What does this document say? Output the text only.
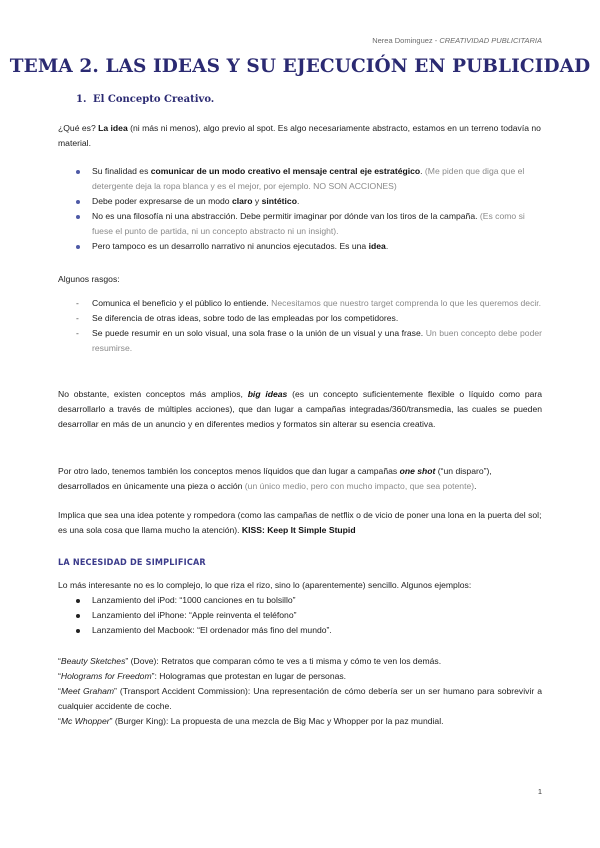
Nerea Dominguez - CREATIVIDAD PUBLICITARIA
TEMA 2. LAS IDEAS Y SU EJECUCIÓN EN PUBLICIDAD
1. El Concepto Creativo.

¿Qué es? La idea (ni más ni menos), algo previo al spot. Es algo necesariamente abstracto, estamos en un terreno todavía no material.

Su finalidad es comunicar de un modo creativo el mensaje central eje estratégico. (Me piden que diga que el detergente deja la ropa blanca y es el mejor, por ejemplo. NO SON ACCIONES)
Debe poder expresarse de un modo claro y sintético.
No es una filosofía ni una abstracción. Debe permitir imaginar por dónde van los tiros de la campaña. (Es como si fuese el punto de partida, ni un concepto abstracto ni un insight).
Pero tampoco es un desarrollo narrativo ni anuncios ejecutados. Es una idea.

Algunos rasgos:

- Comunica el beneficio y el público lo entiende. Necesitamos que nuestro target comprenda lo que les queremos decir.
- Se diferencia de otras ideas, sobre todo de las empleadas por los competidores.
- Se puede resumir en un solo visual, una sola frase o la unión de un visual y una frase. Un buen concepto debe poder resumirse.

No obstante, existen conceptos más amplios, big ideas (es un concepto suficientemente flexible o líquido como para desarrollarlo a través de múltiples acciones), que dan lugar a campañas integradas/360/transmedia, las cuales se pueden desarrollar en más de un anuncio y en diferentes medios y formatos sin alterar su esencia creativa.

Por otro lado, tenemos también los conceptos menos líquidos que dan lugar a campañas one shot (“un disparo”), desarrollados en únicamente una pieza o acción (un único medio, pero con mucho impacto, que sea potente).

Implica que sea una idea potente y rompedora (como las campañas de netflix o de vicio de poner una lona en la puerta del sol; es una sola cosa que llama mucho la atención). KISS: Keep It Simple Stupid

LA NECESIDAD DE SIMPLIFICAR

Lo más interesante no es lo complejo, lo que riza el rizo, sino lo (aparentemente) sencillo. Algunos ejemplos:

Lanzamiento del iPod: “1000 canciones en tu bolsillo”
Lanzamiento del iPhone: “Apple reinventa el teléfono”
Lanzamiento del Macbook: “El ordenador más fino del mundo”.

“Beauty Sketches” (Dove): Retratos que comparan cómo te ves a ti misma y cómo te ven los demás.

“Holograms for Freedom”: Hologramas que protestan en lugar de personas.

“Meet Graham” (Transport Accident Commission): Una representación de cómo debería ser un ser humano para sobrevivir a cualquier accidente de coche.

“Mc Whopper” (Burger King): La propuesta de una mezcla de Big Mac y Whopper por la paz mundial.

1
